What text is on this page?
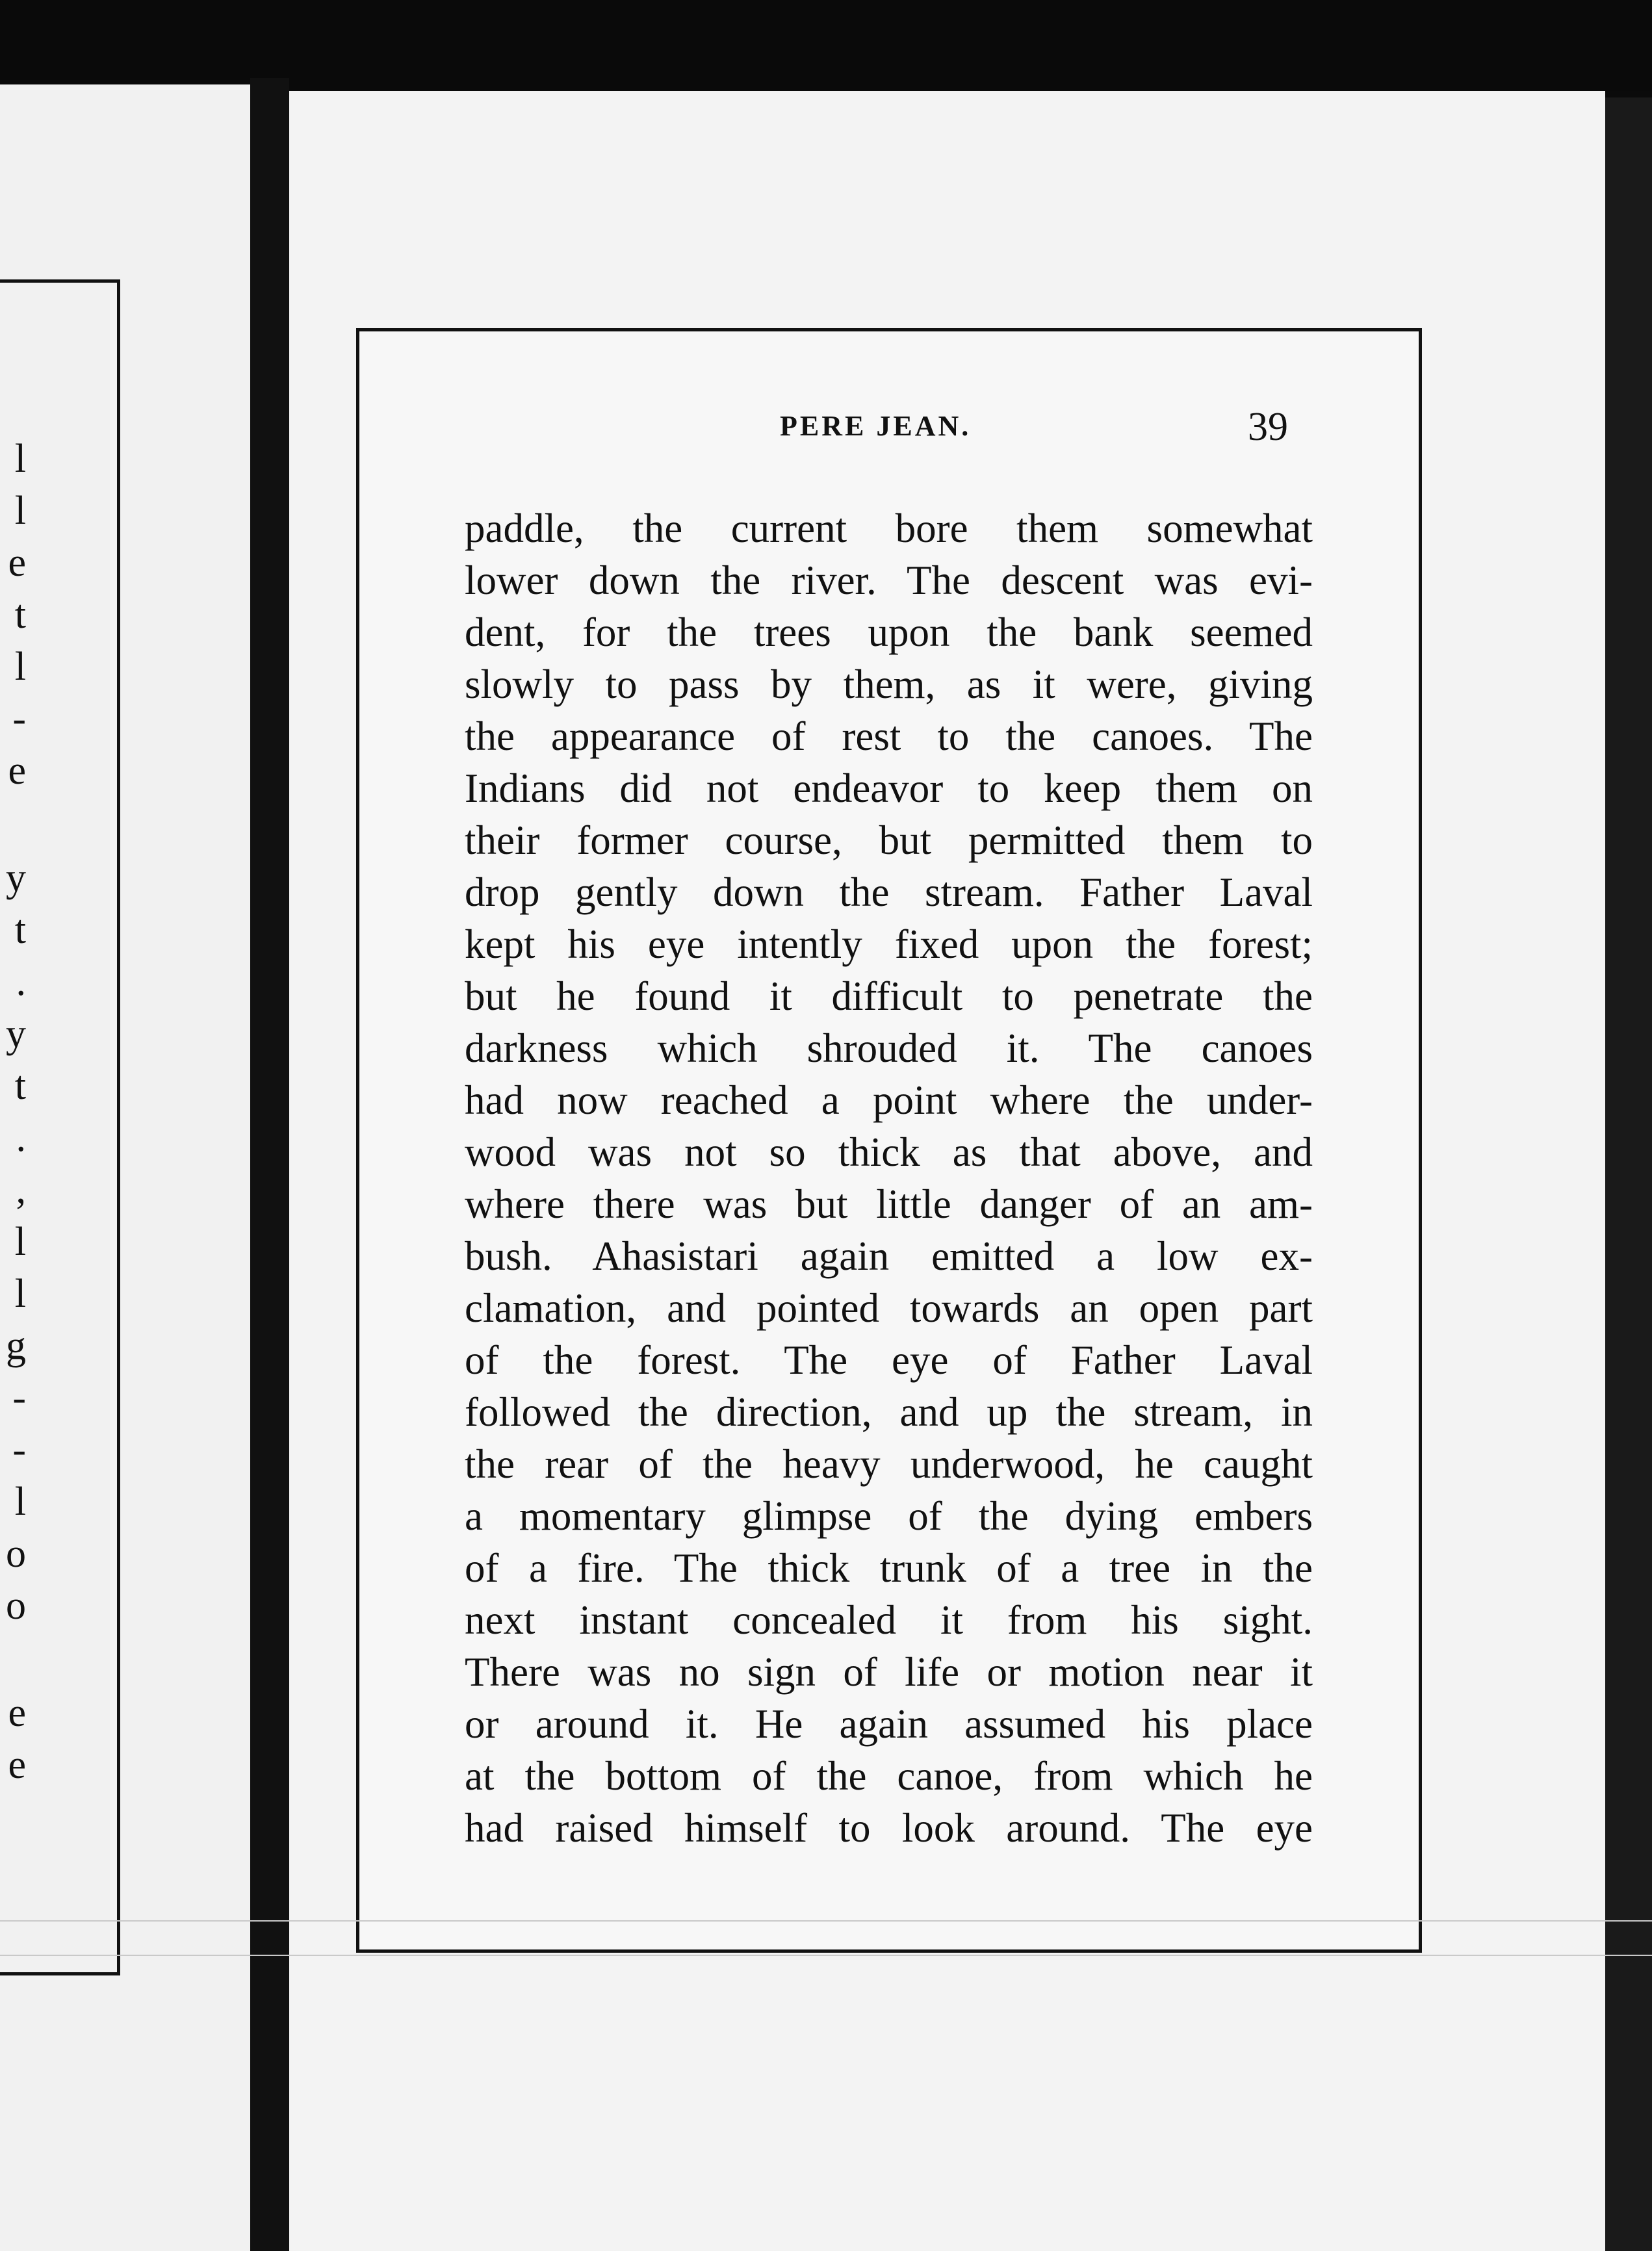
l
l
e
t
l
-
e
y
t
.
y
t
.
,
l
l
g
-
-
l
o
o
e
e
PERE JEAN.	39
paddle, the current bore them somewhat
lower down the river. The descent was evi-
dent, for the trees upon the bank seemed
slowly to pass by them, as it were, giving
the appearance of rest to the canoes. The
Indians did not endeavor to keep them on
their former course, but permitted them to
drop gently down the stream. Father Laval
kept his eye intently fixed upon the forest;
but he found it difficult to penetrate the
darkness which shrouded it. The canoes
had now reached a point where the under-
wood was not so thick as that above, and
where there was but little danger of an am-
bush. Ahasistari again emitted a low ex-
clamation, and pointed towards an open part
of the forest. The eye of Father Laval
followed the direction, and up the stream, in
the rear of the heavy underwood, he caught
a momentary glimpse of the dying embers
of a fire. The thick trunk of a tree in the
next instant concealed it from his sight.
There was no sign of life or motion near it
or around it. He again assumed his place
at the bottom of the canoe, from which he
had raised himself to look around. The eye
